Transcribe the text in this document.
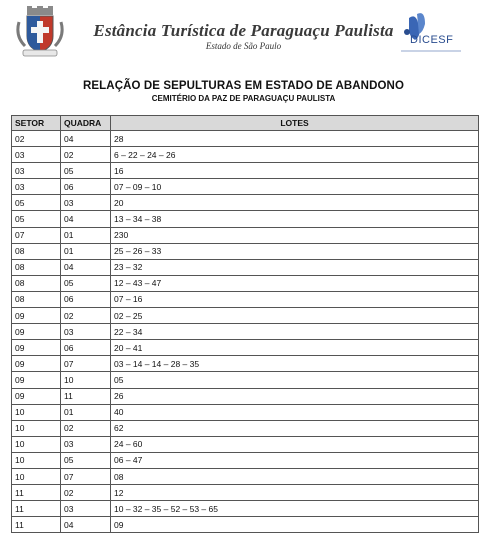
Estância Turística de Paraguaçu Paulista
Estado de São Paulo	DICESF
RELAÇÃO DE SEPULTURAS EM ESTADO DE ABANDONO
CEMITÉRIO DA PAZ DE PARAGUAÇU PAULISTA
SETOR	QUADRA	LOTES
02	04	28
03	02	6 – 22 – 24 – 26
03	05	16
03	06	07 – 09 – 10
05	03	20
05	04	13 – 34 – 38
07	01	230
08	01	25 – 26 – 33
08	04	23 – 32
08	05	12 – 43 – 47
08	06	07 – 16
09	02	02 – 25
09	03	22 – 34
09	06	20 – 41
09	07	03 – 14 – 14 – 28 – 35
09	10	05
09	11	26
10	01	40
10	02	62
10	03	24 – 60
10	05	06 – 47
10	07	08
11	02	12
11	03	10 – 32 – 35 – 52 – 53 – 65
11	04	09
